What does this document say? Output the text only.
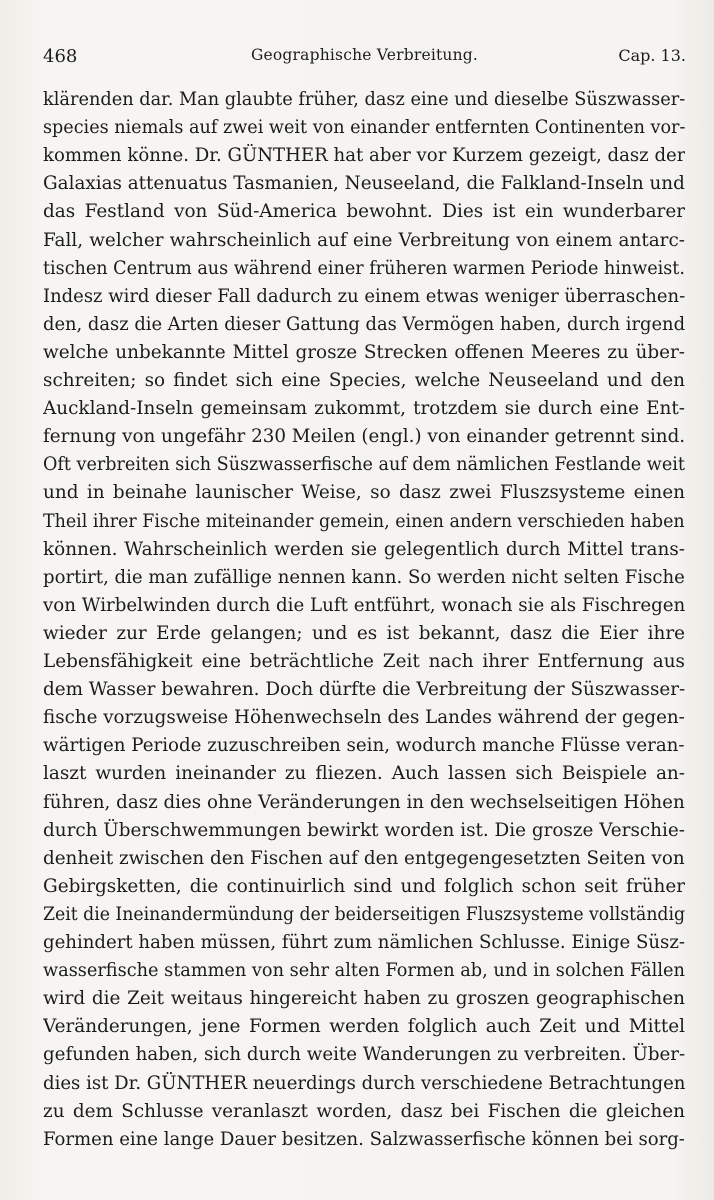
468	Geographische Verbreitung.	Cap. 13.
klärenden dar. Man glaubte früher, dasz eine und dieselbe Süszwasser-
species niemals auf zwei weit von einander entfernten Continenten vor-
kommen könne. Dr. GÜNTHER hat aber vor Kurzem gezeigt, dasz der
Galaxias attenuatus Tasmanien, Neuseeland, die Falkland-Inseln und
das Festland von Süd-America bewohnt. Dies ist ein wunderbarer
Fall, welcher wahrscheinlich auf eine Verbreitung von einem antarc-
tischen Centrum aus während einer früheren warmen Periode hinweist.
Indesz wird dieser Fall dadurch zu einem etwas weniger überraschen-
den, dasz die Arten dieser Gattung das Vermögen haben, durch irgend
welche unbekannte Mittel grosze Strecken offenen Meeres zu über-
schreiten; so findet sich eine Species, welche Neuseeland und den
Auckland-Inseln gemeinsam zukommt, trotzdem sie durch eine Ent-
fernung von ungefähr 230 Meilen (engl.) von einander getrennt sind.
Oft verbreiten sich Süszwasserfische auf dem nämlichen Festlande weit
und in beinahe launischer Weise, so dasz zwei Fluszsysteme einen
Theil ihrer Fische miteinander gemein, einen andern verschieden haben
können. Wahrscheinlich werden sie gelegentlich durch Mittel trans-
portirt, die man zufällige nennen kann. So werden nicht selten Fische
von Wirbelwinden durch die Luft entführt, wonach sie als Fischregen
wieder zur Erde gelangen; und es ist bekannt, dasz die Eier ihre
Lebensfähigkeit eine beträchtliche Zeit nach ihrer Entfernung aus
dem Wasser bewahren. Doch dürfte die Verbreitung der Süszwasser-
fische vorzugsweise Höhenwechseln des Landes während der gegen-
wärtigen Periode zuzuschreiben sein, wodurch manche Flüsse veran-
laszt wurden ineinander zu fliezen. Auch lassen sich Beispiele an-
führen, dasz dies ohne Veränderungen in den wechselseitigen Höhen
durch Überschwemmungen bewirkt worden ist. Die grosze Verschie-
denheit zwischen den Fischen auf den entgegengesetzten Seiten von
Gebirgsketten, die continuirlich sind und folglich schon seit früher
Zeit die Ineinandermündung der beiderseitigen Fluszsysteme vollständig
gehindert haben müssen, führt zum nämlichen Schlusse. Einige Süsz-
wasserfische stammen von sehr alten Formen ab, und in solchen Fällen
wird die Zeit weitaus hingereicht haben zu groszen geographischen
Veränderungen, jene Formen werden folglich auch Zeit und Mittel
gefunden haben, sich durch weite Wanderungen zu verbreiten. Über-
dies ist Dr. GÜNTHER neuerdings durch verschiedene Betrachtungen
zu dem Schlusse veranlaszt worden, dasz bei Fischen die gleichen
Formen eine lange Dauer besitzen. Salzwasserfische können bei sorg-
